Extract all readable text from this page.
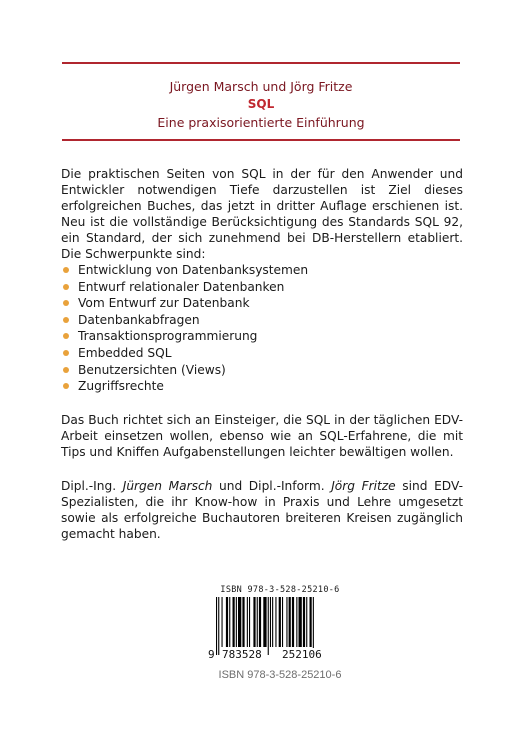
Jürgen Marsch und Jörg Fritze
SQL
Eine praxisorientierte Einführung
Die praktischen Seiten von SQL in der für den Anwender und Entwickler notwendigen Tiefe darzustellen ist Ziel dieses erfolgreichen Buches, das jetzt in dritter Auflage erschienen ist. Neu ist die vollständige Berücksichtigung des Standards SQL 92, ein Standard, der sich zunehmend bei DB-Herstellern etabliert. Die Schwerpunkte sind:
Entwicklung von Datenbanksystemen
Entwurf relationaler Datenbanken
Vom Entwurf zur Datenbank
Datenbankabfragen
Transaktionsprogrammierung
Embedded SQL
Benutzersichten (Views)
Zugriffsrechte
Das Buch richtet sich an Einsteiger, die SQL in der täglichen EDV-Arbeit einsetzen wollen, ebenso wie an SQL-Erfahrene, die mit Tips und Kniffen Aufgabenstellungen leichter bewältigen wollen.
Dipl.-Ing. Jürgen Marsch und Dipl.-Inform. Jörg Fritze sind EDV-Spezialisten, die ihr Know-how in Praxis und Lehre umgesetzt sowie als erfolgreiche Buchautoren breiteren Kreisen zugänglich gemacht haben.
ISBN 978-3-528-25210-6
9 783528 252106
ISBN 978-3-528-25210-6
